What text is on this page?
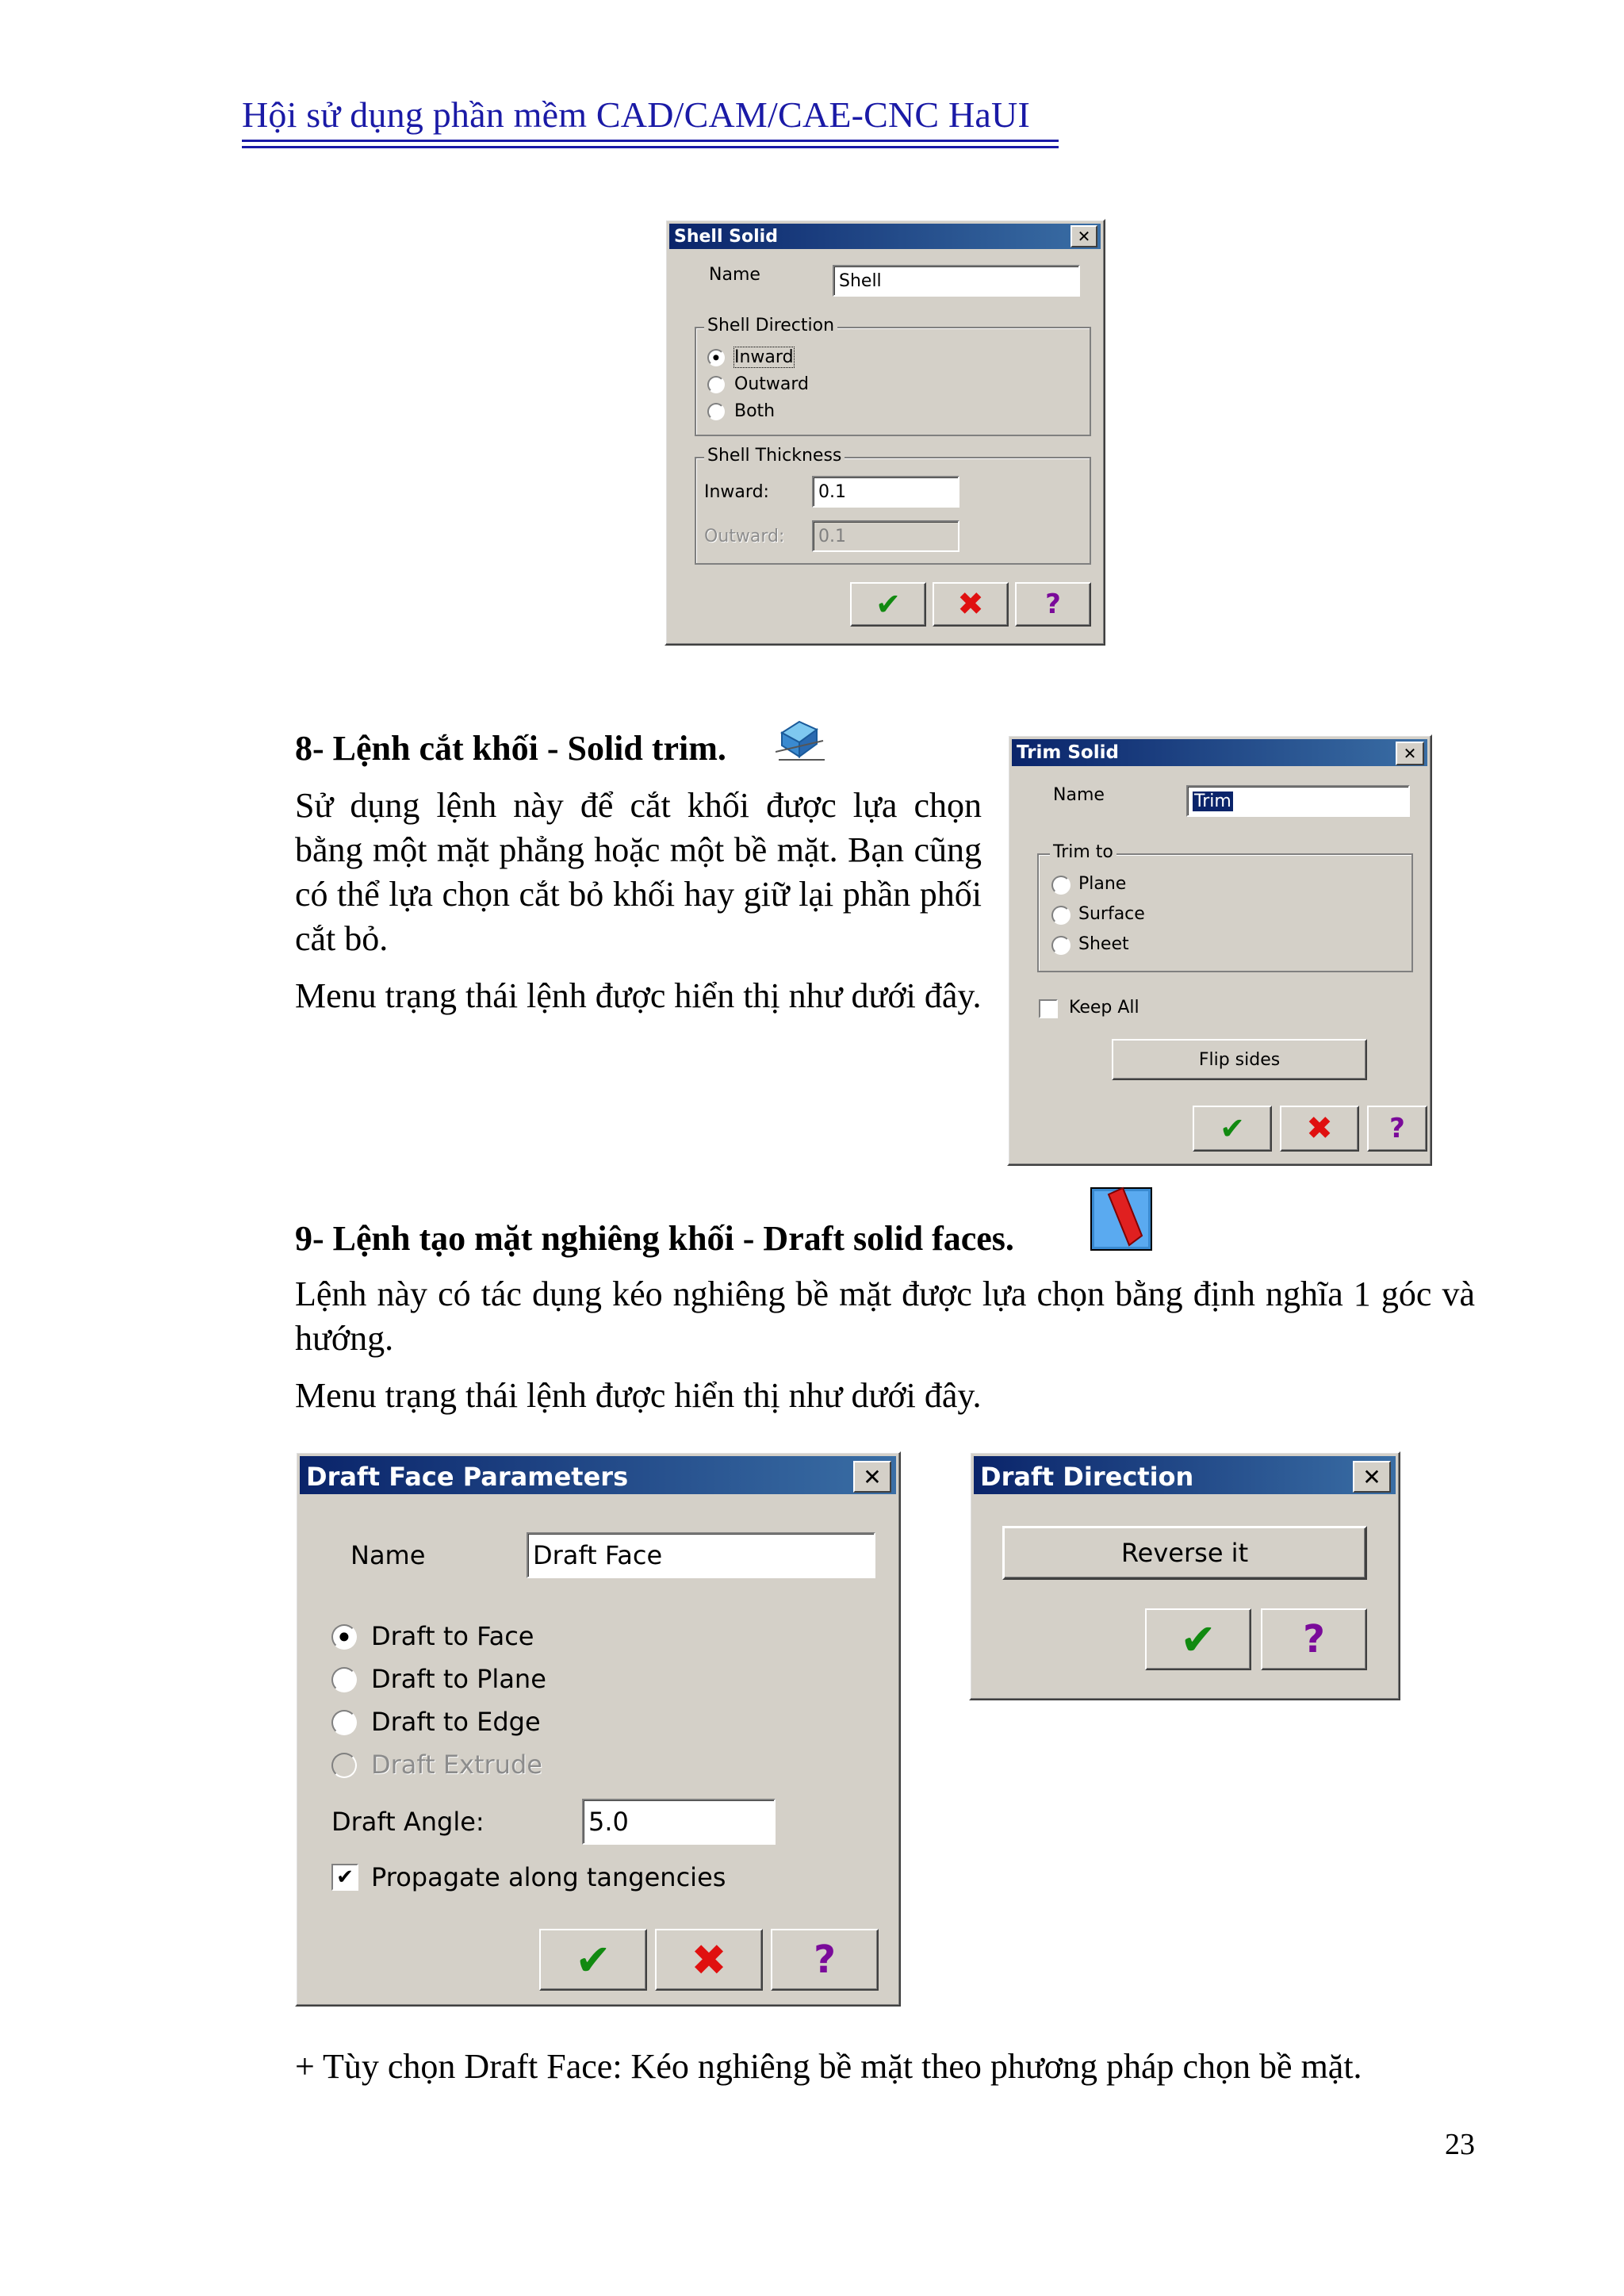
Hội sử dụng phần mềm CAD/CAM/CAE-CNC HaUI
Shell Solid	✕
Name	Shell
Shell Direction
Inward
Outward
Both
Shell Thickness
Inward:	0.1
Outward: 0.1
✔	✖	?
8- Lệnh cắt khối - Solid trim.

Sử dụng lệnh này để cắt khối được lựa chọn bằng một mặt phẳng hoặc một bề mặt. Bạn cũng có thể lựa chọn cắt bỏ khối hay giữ lại phần phối cắt bỏ.

Menu trạng thái lệnh được hiển thị như dưới đây.

Trim Solid	✕
Name	Trim
Trim to
Plane
Surface
Sheet
Keep All
Flip sides
✔	✖	?
9- Lệnh tạo mặt nghiêng khối - Draft solid faces.

Lệnh này có tác dụng kéo nghiêng bề mặt được lựa chọn bằng định nghĩa 1 góc và hướng.

Menu trạng thái lệnh được hiển thị như dưới đây.

Draft Face Parameters	✕
Name	Draft Face
Draft to Face
Draft to Plane
Draft to Edge
Draft Extrude
Draft Angle:	5.0
✔ Propagate along tangencies
✔	✖	?
Draft Direction	✕
Reverse it
✔	?
+ Tùy chọn Draft Face: Kéo nghiêng bề mặt theo phương pháp chọn bề mặt.
23
